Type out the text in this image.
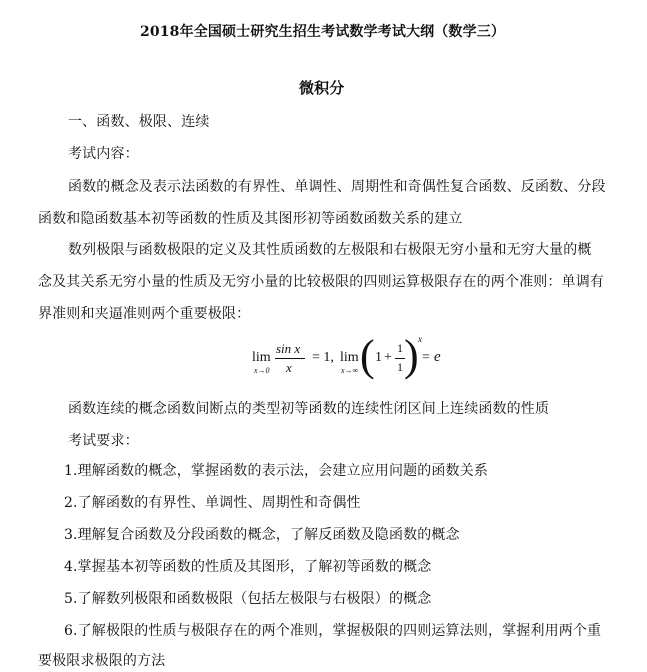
2018年全国硕士研究生招生考试数学考试大纲（数学三）
微积分
一、函数、极限、连续
考试内容：
函数的概念及表示法函数的有界性、单调性、周期性和奇偶性复合函数、反函数、分段
函数和隐函数基本初等函数的性质及其图形初等函数函数关系的建立
数列极限与函数极限的定义及其性质函数的左极限和右极限无穷小量和无穷大量的概
念及其关系无穷小量的性质及无穷小量的比较极限的四则运算极限存在的两个准则：单调有
界准则和夹逼准则两个重要极限：
lim
x→0
sin x
x
= 1, lim
x→∞ ( 1 +
1
1 ) x
= e
函数连续的概念函数间断点的类型初等函数的连续性闭区间上连续函数的性质
考试要求：
1.理解函数的概念，掌握函数的表示法，会建立应用问题的函数关系
2.了解函数的有界性、单调性、周期性和奇偶性
3.理解复合函数及分段函数的概念，了解反函数及隐函数的概念
4.掌握基本初等函数的性质及其图形，了解初等函数的概念
5.了解数列极限和函数极限（包括左极限与右极限）的概念
6.了解极限的性质与极限存在的两个准则，掌握极限的四则运算法则，掌握利用两个重
要极限求极限的方法
